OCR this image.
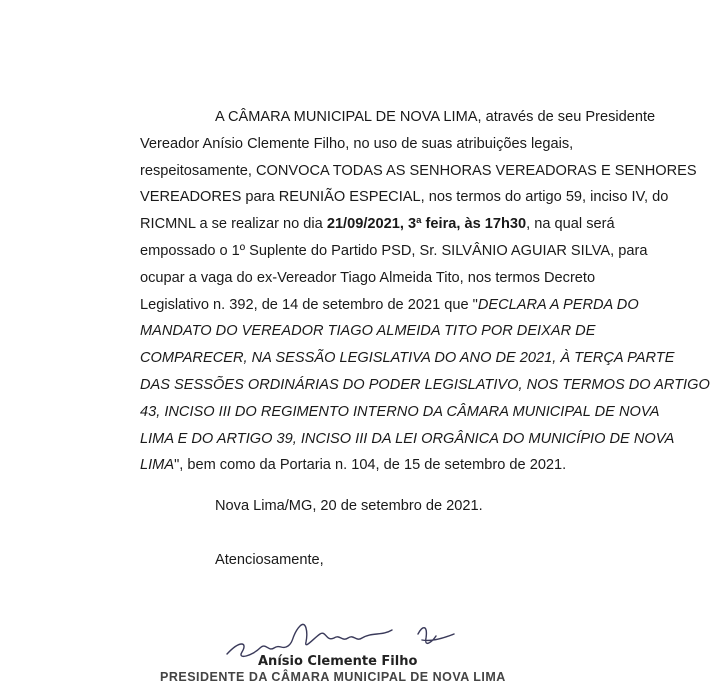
A CÂMARA MUNICIPAL DE NOVA LIMA, através de seu Presidente
Vereador Anísio Clemente Filho, no uso de suas atribuições legais,
respeitosamente, CONVOCA TODAS AS SENHORAS VEREADORAS E SENHORES
VEREADORES para REUNIÃO ESPECIAL, nos termos do artigo 59, inciso IV, do
RICMNL a se realizar no dia 21/09/2021, 3ª feira, às 17h30, na qual será
empossado o 1º Suplente do Partido PSD, Sr. SILVÂNIO AGUIAR SILVA, para
ocupar a vaga do ex-Vereador Tiago Almeida Tito, nos termos Decreto
Legislativo n. 392, de 14 de setembro de 2021 que "DECLARA A PERDA DO
MANDATO DO VEREADOR TIAGO ALMEIDA TITO POR DEIXAR DE
COMPARECER, NA SESSÃO LEGISLATIVA DO ANO DE 2021, À TERÇA PARTE
DAS SESSÕES ORDINÁRIAS DO PODER LEGISLATIVO, NOS TERMOS DO ARTIGO
43, INCISO III DO REGIMENTO INTERNO DA CÂMARA MUNICIPAL DE NOVA
LIMA E DO ARTIGO 39, INCISO III DA LEI ORGÂNICA DO MUNICÍPIO DE NOVA
LIMA", bem como da Portaria n. 104, de 15 de setembro de 2021.

Nova Lima/MG, 20 de setembro de 2021.
Atenciosamente,
Anísio Clemente Filho
PRESIDENTE DA CÂMARA MUNICIPAL DE NOVA LIMA
